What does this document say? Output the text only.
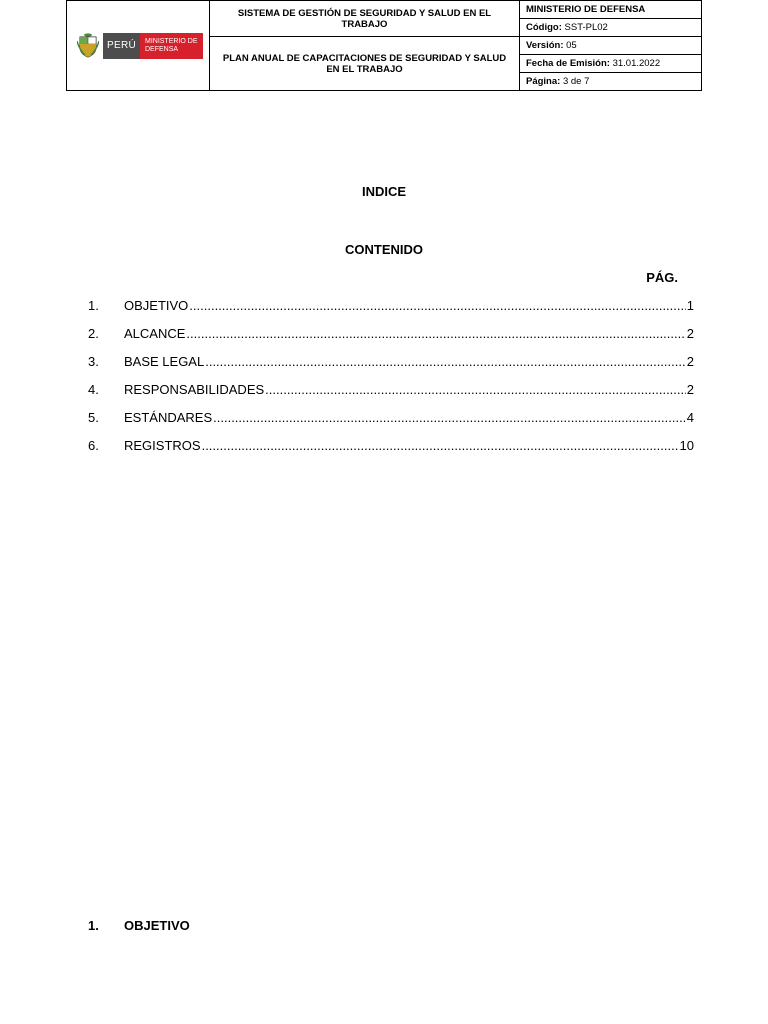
PERÚ MINISTERIO DE
DEFENSA	SISTEMA DE GESTIÓN DE SEGURIDAD Y SALUD EN EL TRABAJO	MINISTERIO DE DEFENSA
		Código: SST-PL02
	PLAN ANUAL DE CAPACITACIONES DE SEGURIDAD Y SALUD EN EL TRABAJO	Versión: 05
		Fecha de Emisión: 31.01.2022
		Página: 3 de 7
INDICE
CONTENIDO
PÁG.
1.	OBJETIVO .....	1
2.	ALCANCE .....	2
3.	BASE LEGAL .....	2
4.	RESPONSABILIDADES .....	2
5.	ESTÁNDARES .....	4
6.	REGISTROS .....	10
1.	OBJETIVO
